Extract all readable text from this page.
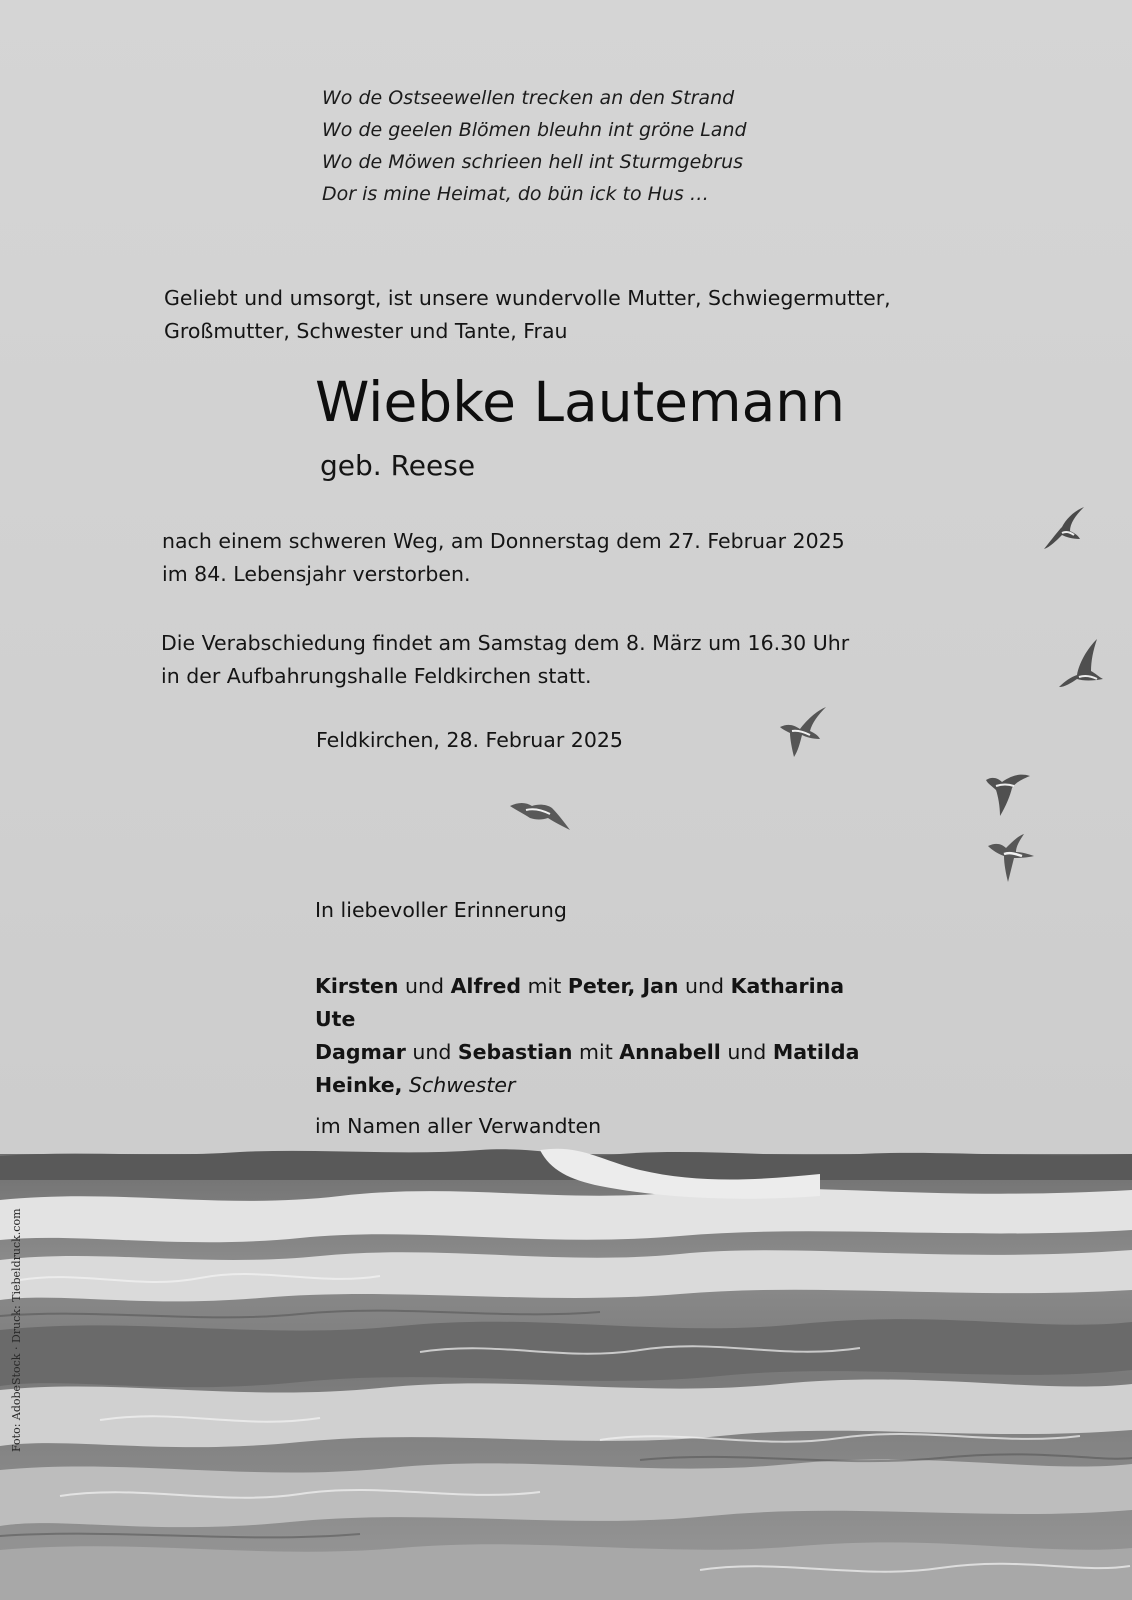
Wo de Ostseewellen trecken an den Strand
Wo de geelen Blömen bleuhn int gröne Land
Wo de Möwen schrieen hell int Sturmgebrus
Dor is mine Heimat, do bün ick to Hus …
Geliebt und umsorgt, ist unsere wundervolle Mutter, Schwiegermutter,
Großmutter, Schwester und Tante, Frau
Wiebke Lautemann
geb. Reese
nach einem schweren Weg, am Donnerstag dem 27. Februar 2025
im 84. Lebensjahr verstorben.
Die Verabschiedung findet am Samstag dem 8. März um 16.30 Uhr
in der Aufbahrungshalle Feldkirchen statt.
Feldkirchen, 28. Februar 2025
In liebevoller Erinnerung
Kirsten und Alfred mit Peter, Jan und Katharina
Ute
Dagmar und Sebastian mit Annabell und Matilda
Heinke, Schwester
im Namen aller Verwandten
Foto: AdobeStock · Druck: Tiebeldruck.com
